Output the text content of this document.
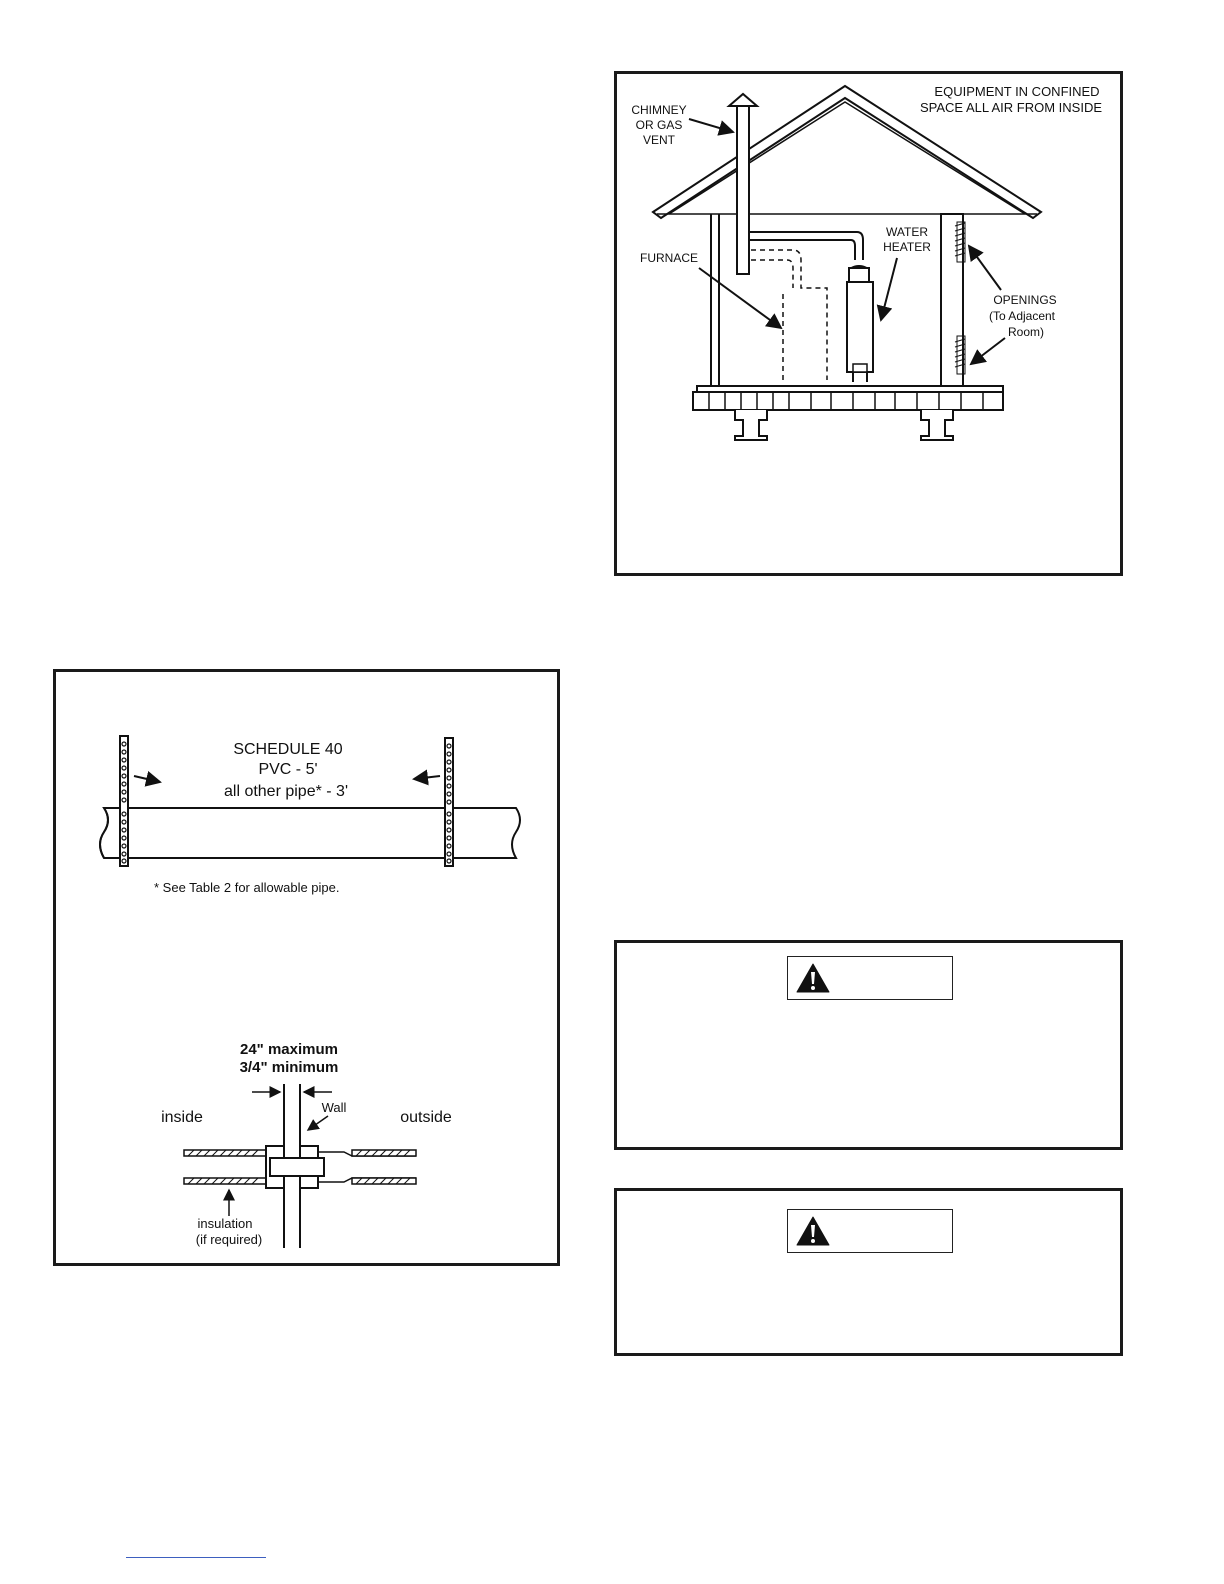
EQUIPMENT IN CONFINED
SPACE ALL AIR FROM INSIDE
CHIMNEY
OR GAS
VENT
FURNACE
WATER
HEATER
OPENINGS
(To Adjacent
Room)
SCHEDULE 40
PVC - 5'
all other pipe* - 3'
* See Table 2 for allowable pipe.
24" maximum
3/4" minimum
inside	outside
Wall
insulation
(if required)
